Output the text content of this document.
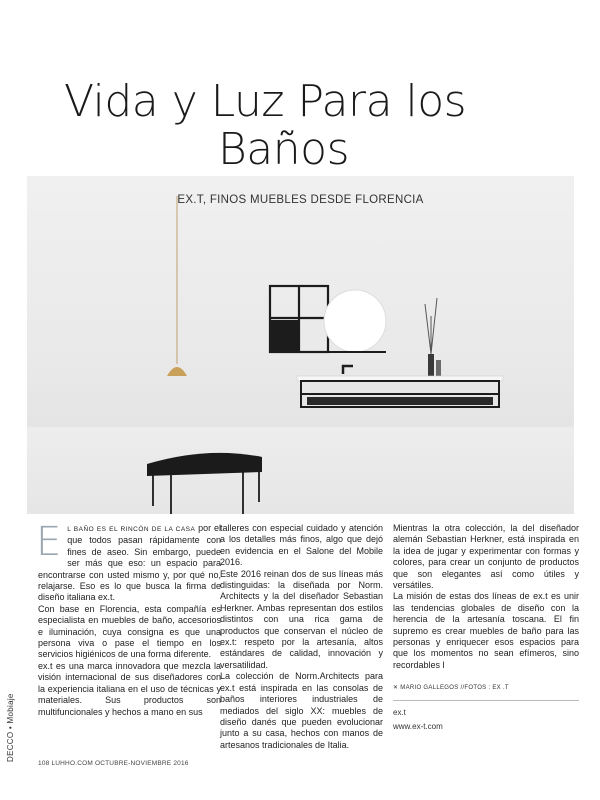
Vida y Luz Para los
Baños
EX.T, FINOS MUEBLES DESDE FLORENCIA
E L BAÑO ES EL RINCÓN DE LA CASA por el que todos pasan rápidamente con fines de aseo. Sin embargo, puede ser más que eso: un espacio para encontrarse con usted mismo y, por qué no, relajarse. Eso es lo que busca la firma de diseño italiana ex.t.

Con base en Florencia, esta compañía es especialista en muebles de baño, accesorios e iluminación, cuya consigna es que una persona viva o pase el tiempo en los servicios higiénicos de una forma diferente.

ex.t es una marca innovadora que mezcla la visión internacional de sus diseñadores con la experiencia italiana en el uso de técnicas y materiales. Sus productos son multifuncionales y hechos a mano en sus

talleres con especial cuidado y atención a los detalles más finos, algo que dejó en evidencia en el Salone del Mobile 2016.

Este 2016 reinan dos de sus líneas más distinguidas: la diseñada por Norm. Architects y la del diseñador Sebastian Herkner. Ambas representan dos estilos distintos con una rica gama de productos que conservan el núcleo de ex.t: respeto por la artesanía, altos estándares de calidad, innovación y versatilidad.

La colección de Norm.Architects para ex.t está inspirada en las consolas de baños interiores industriales de mediados del siglo XX: muebles de diseño danés que pueden evolucionar junto a su casa, hechos con manos de artesanos tradicionales de Italia.

Mientras la otra colección, la del diseñador alemán Sebastian Herkner, está inspirada en la idea de jugar y experimentar con formas y colores, para crear un conjunto de productos que son elegantes así como útiles y versátiles.

La misión de estas dos líneas de ex.t es unir las tendencias globales de diseño con la herencia de la artesanía toscana. El fin supremo es crear muebles de baño para las personas y enriquecer esos espacios para que los momentos no sean efímeros, sino recordables l

✕ MARIO GALLEGOS //FOTOS : EX .T
ex.t
www.ex-t.com
DECCO • Mobiaje
108 LUHHO.COM OCTUBRE-NOVIEMBRE 2016
